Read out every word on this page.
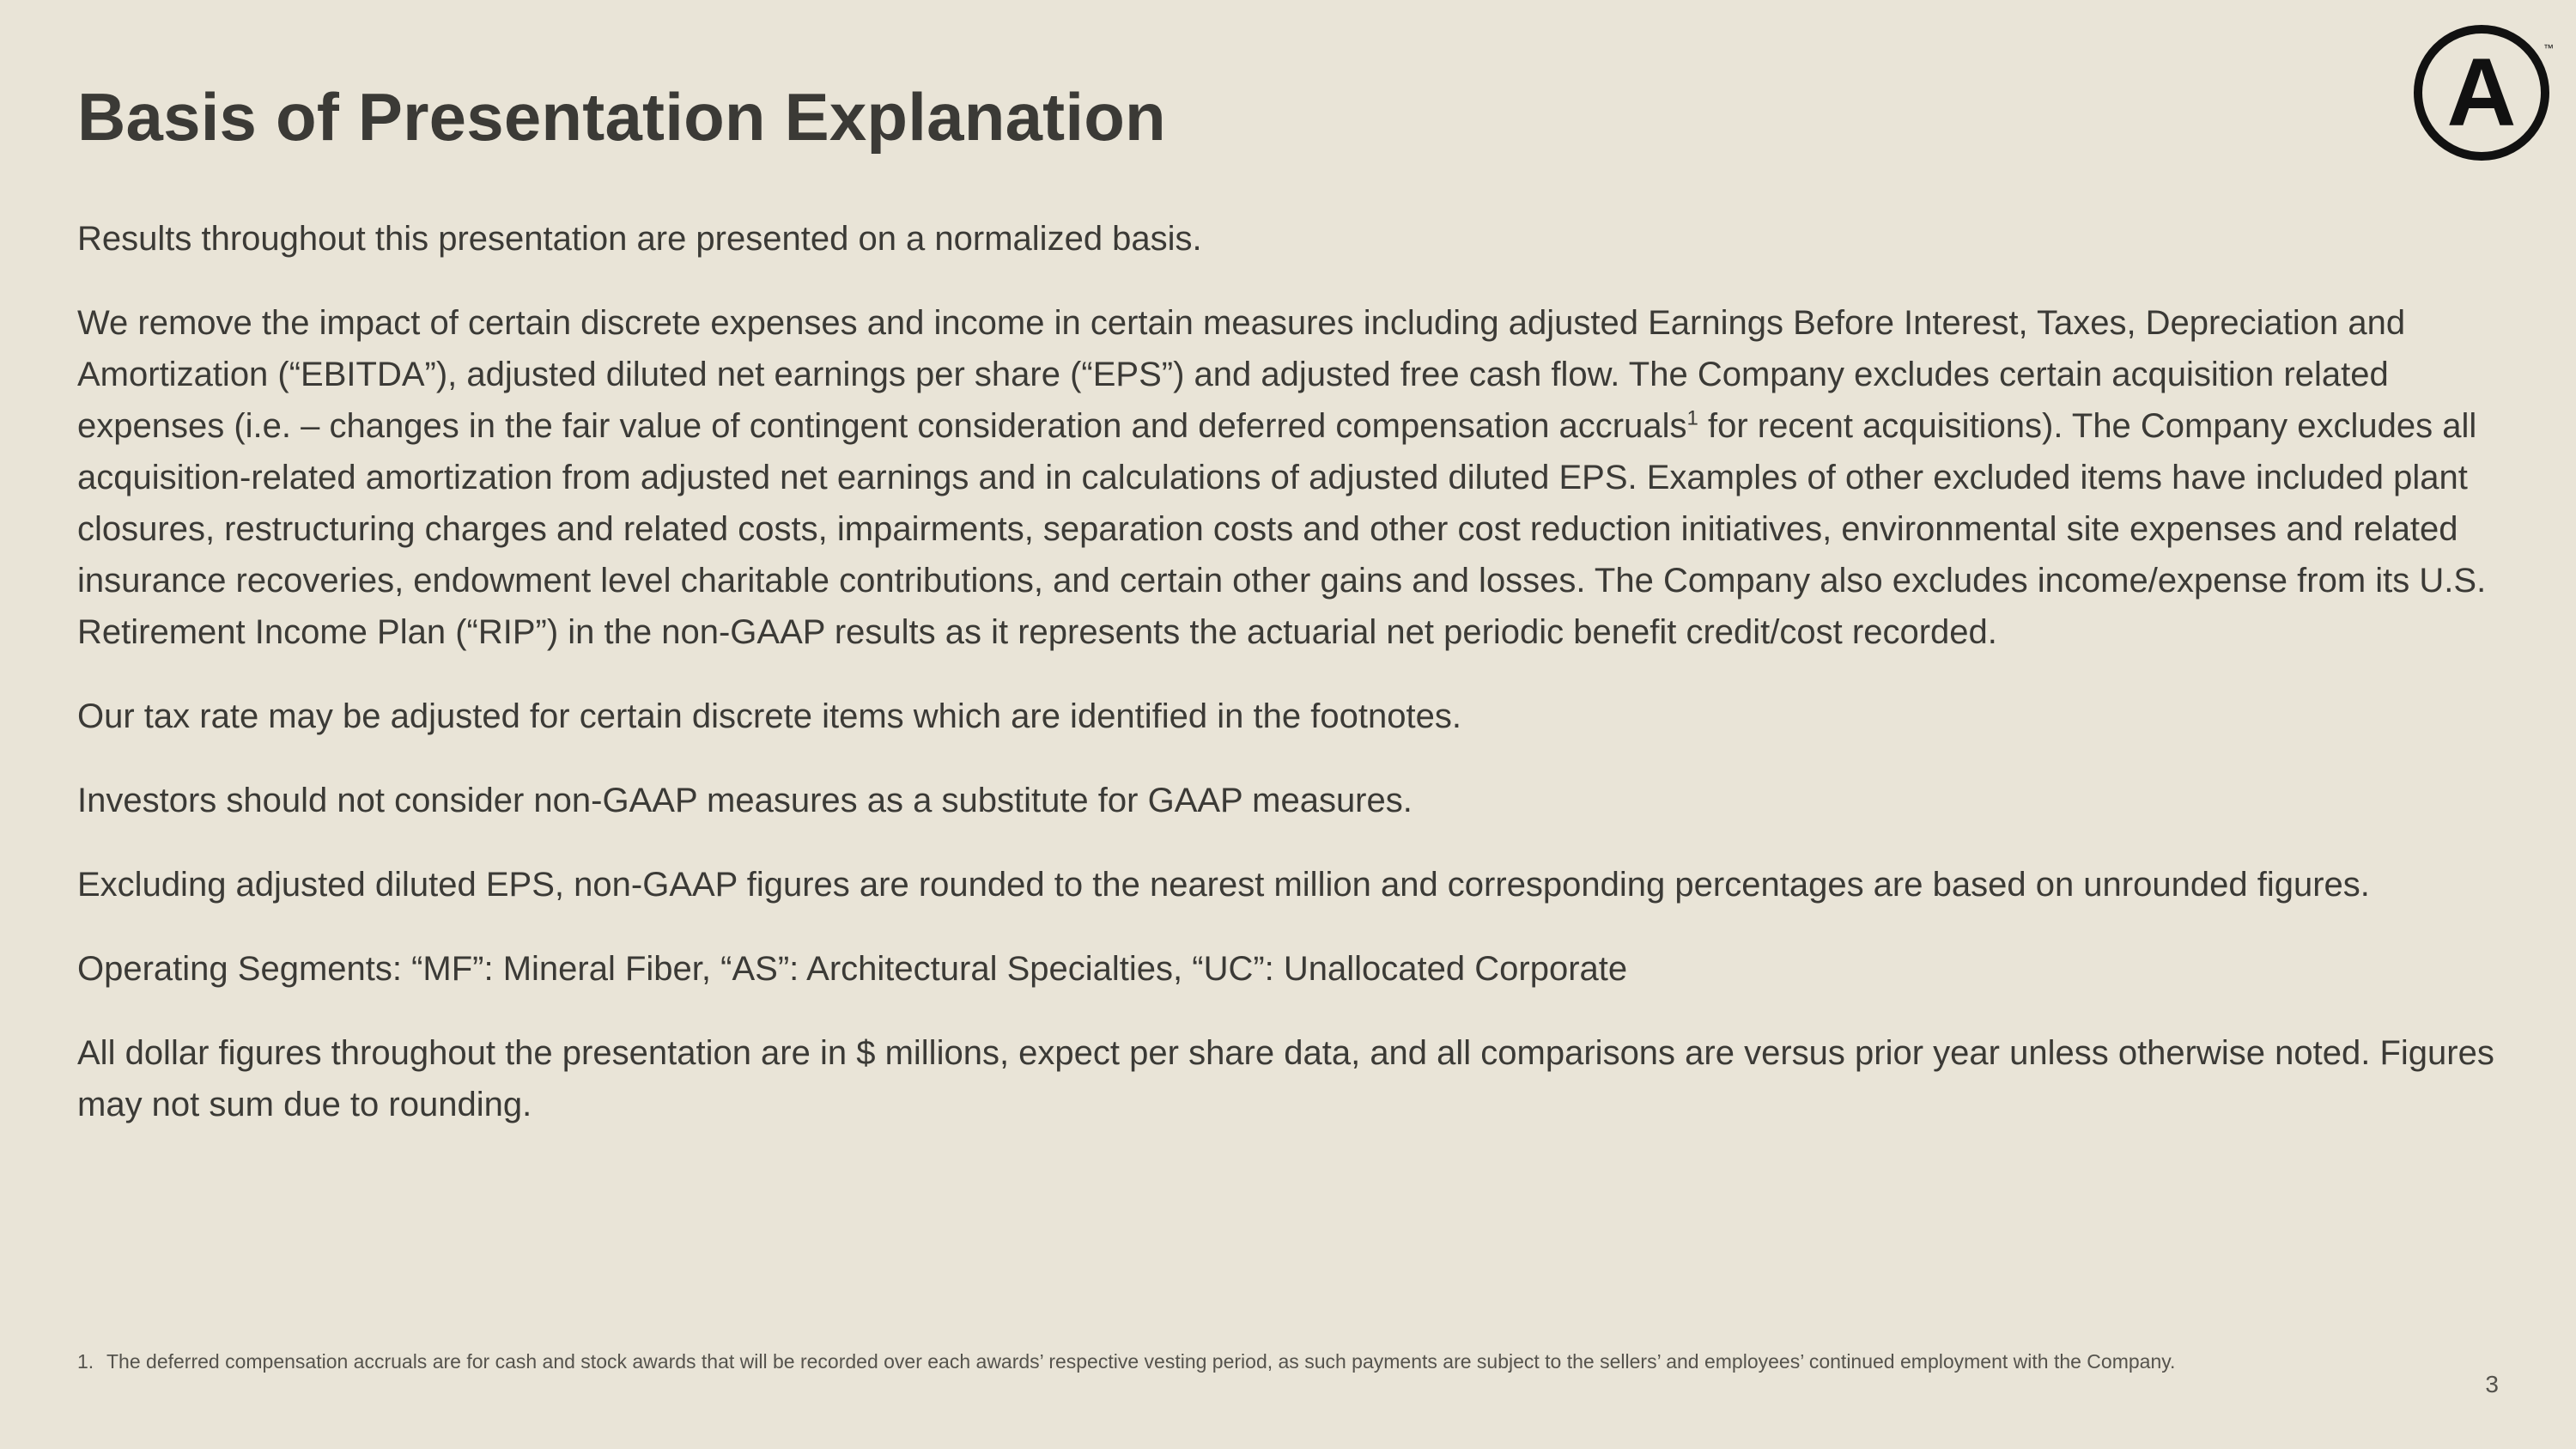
Basis of Presentation Explanation	A	™

Results throughout this presentation are presented on a normalized basis.

We remove the impact of certain discrete expenses and income in certain measures including adjusted Earnings Before Interest, Taxes, Depreciation and Amortization (“EBITDA”), adjusted diluted net earnings per share (“EPS”) and adjusted free cash flow. The Company excludes certain acquisition related expenses (i.e. – changes in the fair value of contingent consideration and deferred compensation accruals$^1$ for recent acquisitions). The Company excludes all acquisition-related amortization from adjusted net earnings and in calculations of adjusted diluted EPS. Examples of other excluded items have included plant closures, restructuring charges and related costs, impairments, separation costs and other cost reduction initiatives, environmental site expenses and related insurance recoveries, endowment level charitable contributions, and certain other gains and losses. The Company also excludes income/expense from its U.S. Retirement Income Plan (“RIP”) in the non-GAAP results as it represents the actuarial net periodic benefit credit/cost recorded.

Our tax rate may be adjusted for certain discrete items which are identified in the footnotes.

Investors should not consider non-GAAP measures as a substitute for GAAP measures.

Excluding adjusted diluted EPS, non-GAAP figures are rounded to the nearest million and corresponding percentages are based on unrounded figures.

Operating Segments: “MF”: Mineral Fiber, “AS”: Architectural Specialties, “UC”: Unallocated Corporate

All dollar figures throughout the presentation are in $ millions, expect per share data, and all comparisons are versus prior year unless otherwise noted. Figures may not sum due to rounding.

1. The deferred compensation accruals are for cash and stock awards that will be recorded over each awards’ respective vesting period, as such payments are subject to the sellers’ and employees’ continued employment with the Company.
3
